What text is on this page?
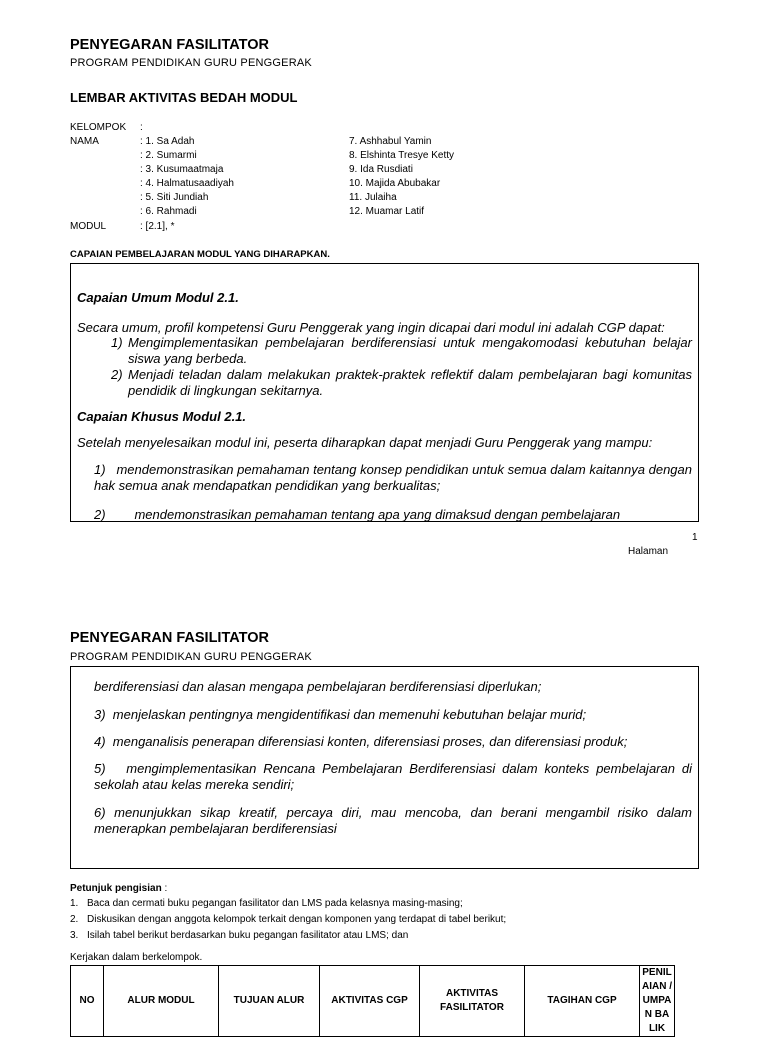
PENYEGARAN FASILITATOR
PROGRAM PENDIDIKAN GURU PENGGERAK
LEMBAR AKTIVITAS BEDAH MODUL
KELOMPOK :
NAMA	: 1. Sa Adah
: 2. Sumarmi
: 3. Kusumaatmaja
: 4. Halmatusaadiyah
: 5. Siti Jundiah
: 6. Rahmadi
7. Ashhabul Yamin
8. Elshinta Tresye Ketty
9. Ida Rusdiati
10. Majida Abubakar
11. Julaiha
12. Muamar Latif
MODUL	: [2.1], *
CAPAIAN PEMBELAJARAN MODUL YANG DIHARAPKAN.
Capaian Umum Modul 2.1.
Secara umum, profil kompetensi Guru Penggerak yang ingin dicapai dari modul ini adalah CGP dapat:
1) Mengimplementasikan pembelajaran berdiferensiasi untuk mengakomodasi kebutuhan belajar siswa yang berbeda.
2) Menjadi teladan dalam melakukan praktek-praktek reflektif dalam pembelajaran bagi komunitas pendidik di lingkungan sekitarnya.
Capaian Khusus Modul 2.1.
Setelah menyelesaikan modul ini, peserta diharapkan dapat menjadi Guru Penggerak yang mampu:
1)   mendemonstrasikan pemahaman tentang konsep pendidikan untuk semua dalam kaitannya dengan hak semua anak mendapatkan pendidikan yang berkualitas;
2)        mendemonstrasikan pemahaman tentang apa yang dimaksud dengan pembelajaran
1
Halaman
PENYEGARAN FASILITATOR
PROGRAM PENDIDIKAN GURU PENGGERAK
berdiferensiasi dan alasan mengapa pembelajaran berdiferensiasi diperlukan;
3)  menjelaskan pentingnya mengidentifikasi dan memenuhi kebutuhan belajar murid;
4)  menganalisis penerapan diferensiasi konten, diferensiasi proses, dan diferensiasi produk;
5)   mengimplementasikan Rencana Pembelajaran Berdiferensiasi dalam konteks pembelajaran di sekolah atau kelas mereka sendiri;
6) menunjukkan sikap kreatif, percaya diri, mau mencoba, dan berani mengambil risiko dalam menerapkan pembelajaran berdiferensiasi
Petunjuk pengisian :
1. Baca dan cermati buku pegangan fasilitator dan LMS pada kelasnya masing-masing;
2. Diskusikan dengan anggota kelompok terkait dengan komponen yang terdapat di tabel berikut;
3. Isilah tabel berikut berdasarkan buku pegangan fasilitator atau LMS; dan
Kerjakan dalam berkelompok.
NO	ALUR MODUL	TUJUAN ALUR	AKTIVITAS CGP	AKTIVITAS FASILITATOR	TAGIHAN CGP	PENILAIAN / UMPAN BALIK
